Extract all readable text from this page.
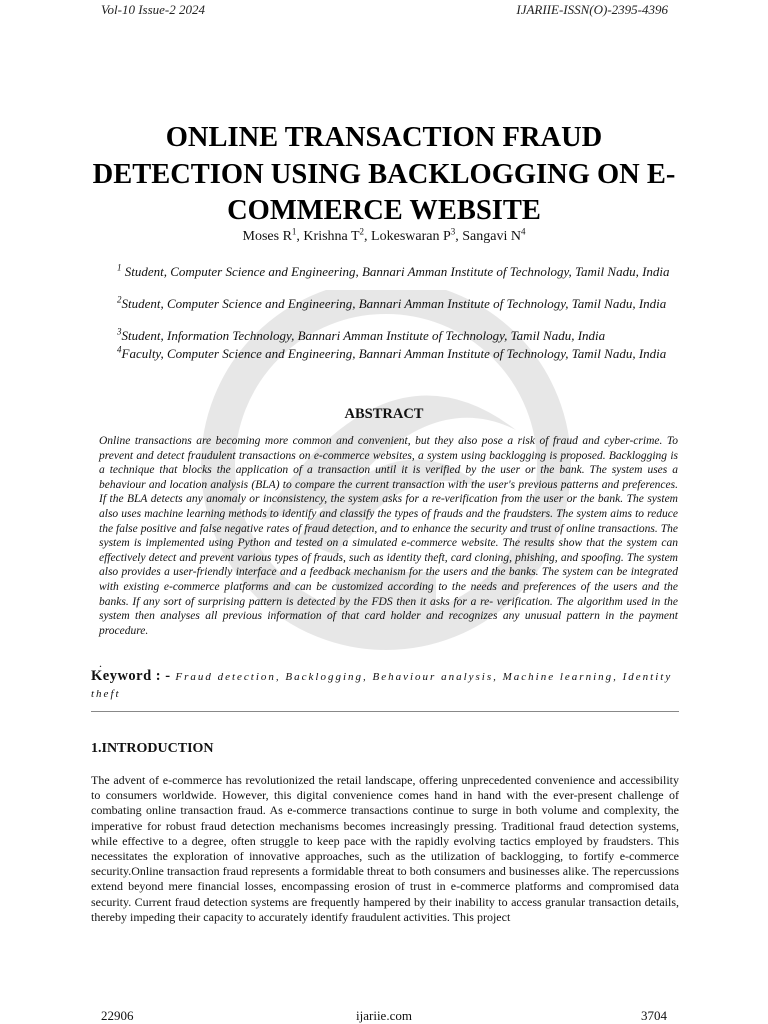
Vol-10 Issue-2 2024	IJARIIE-ISSN(O)-2395-4396
ONLINE TRANSACTION FRAUD DETECTION USING BACKLOGGING ON E-COMMERCE WEBSITE
Moses $R^1$, Krishna $T^2$, Lokeswaran $P^3$, Sangavi $N^4$

$^1$ Student, Computer Science and Engineering, Bannari Amman Institute of Technology, Tamil Nadu, India

$^2$Student, Computer Science and Engineering, Bannari Amman Institute of Technology, Tamil Nadu, India

$^3$Student, Information Technology, Bannari Amman Institute of Technology, Tamil Nadu, India

$^4$Faculty, Computer Science and Engineering, Bannari Amman Institute of Technology, Tamil Nadu, India

ABSTRACT

Online transactions are becoming more common and convenient, but they also pose a risk of fraud and cyber-crime. To prevent and detect fraudulent transactions on e-commerce websites, a system using backlogging is proposed. Backlogging is a technique that blocks the application of a transaction until it is verified by the user or the bank. The system uses a behaviour and location analysis (BLA) to compare the current transaction with the user's previous patterns and preferences. If the BLA detects any anomaly or inconsistency, the system asks for a re-verification from the user or the bank. The system also uses machine learning methods to identify and classify the types of frauds and the fraudsters. The system aims to reduce the false positive and false negative rates of fraud detection, and to enhance the security and trust of online transactions. The system is implemented using Python and tested on a simulated e-commerce website. The results show that the system can effectively detect and prevent various types of frauds, such as identity theft, card cloning, phishing, and spoofing. The system also provides a user-friendly interface and a feedback mechanism for the users and the banks. The system can be integrated with existing e-commerce platforms and can be customized according to the needs and preferences of the users and the banks. If any sort of surprising pattern is detected by the FDS then it asks for a re- verification. The algorithm used in the system then analyses all previous information of that card holder and recognizes any unusual pattern in the payment procedure.

.

Keyword : - Fraud detection, Backlogging, Behaviour analysis, Machine learning, Identity theft

1.INTRODUCTION

The advent of e-commerce has revolutionized the retail landscape, offering unprecedented convenience and accessibility to consumers worldwide. However, this digital convenience comes hand in hand with the ever-present challenge of combating online transaction fraud. As e-commerce transactions continue to surge in both volume and complexity, the imperative for robust fraud detection mechanisms becomes increasingly pressing. Traditional fraud detection systems, while effective to a degree, often struggle to keep pace with the rapidly evolving tactics employed by fraudsters. This necessitates the exploration of innovative approaches, such as the utilization of backlogging, to fortify e-commerce security.Online transaction fraud represents a formidable threat to both consumers and businesses alike. The repercussions extend beyond mere financial losses, encompassing erosion of trust in e-commerce platforms and compromised data security. Current fraud detection systems are frequently hampered by their inability to access granular transaction details, thereby impeding their capacity to accurately identify fraudulent activities. This project

22906	ijariie.com	3704
